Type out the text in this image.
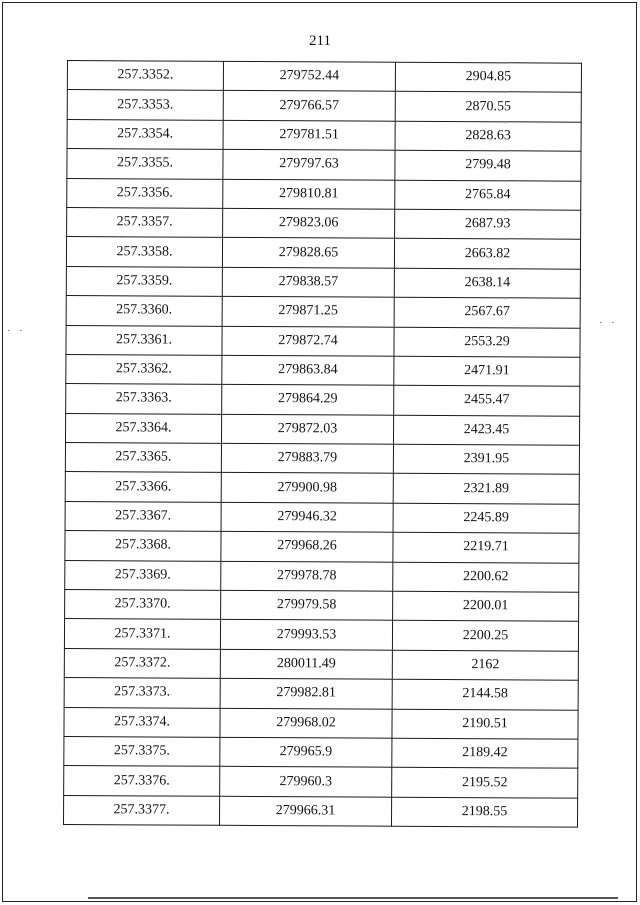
211
257.3352.	279752.44	2904.85
257.3353.	279766.57	2870.55
257.3354.	279781.51	2828.63
257.3355.	279797.63	2799.48
257.3356.	279810.81	2765.84
257.3357.	279823.06	2687.93
257.3358.	279828.65	2663.82
257.3359.	279838.57	2638.14
257.3360.	279871.25	2567.67
257.3361.	279872.74	2553.29
257.3362.	279863.84	2471.91
257.3363.	279864.29	2455.47
257.3364.	279872.03	2423.45
257.3365.	279883.79	2391.95
257.3366.	279900.98	2321.89
257.3367.	279946.32	2245.89
257.3368.	279968.26	2219.71
257.3369.	279978.78	2200.62
257.3370.	279979.58	2200.01
257.3371.	279993.53	2200.25
257.3372.	280011.49	2162
257.3373.	279982.81	2144.58
257.3374.	279968.02	2190.51
257.3375.	279965.9	2189.42
257.3376.	279960.3	2195.52
257.3377.	279966.31	2198.55
